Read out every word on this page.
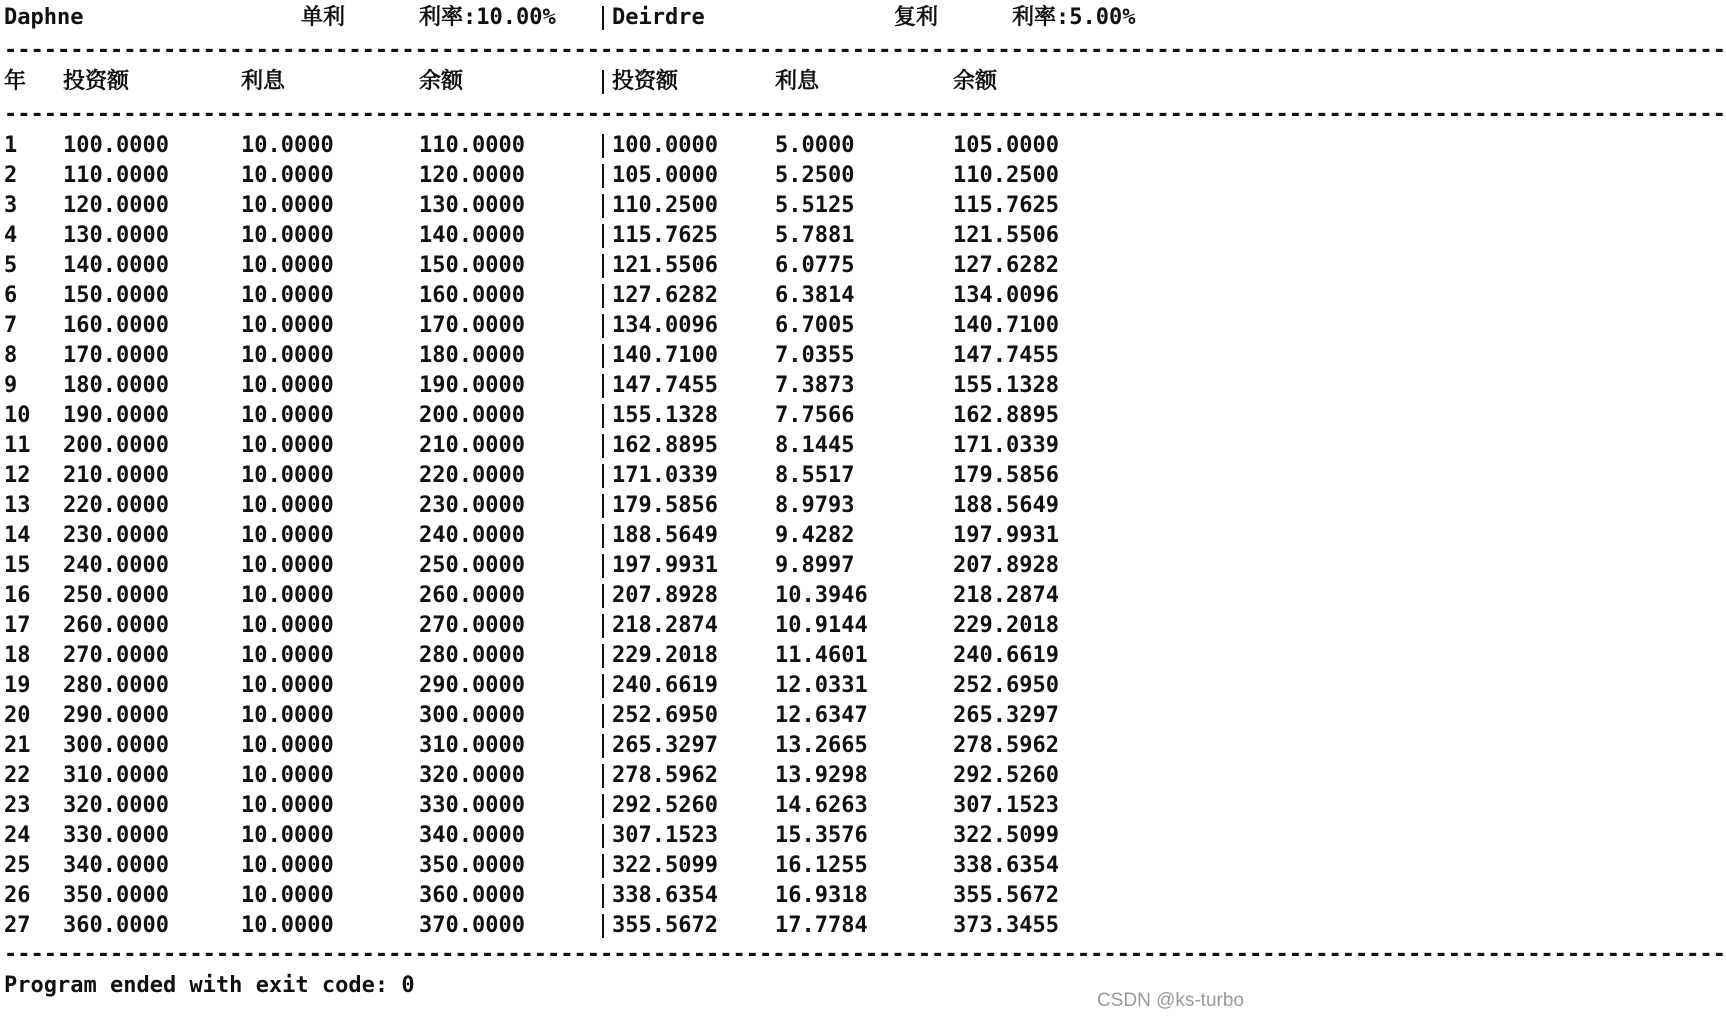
Daphne	单利	利率:10.00%	Deirdre	复利	利率:5.00%
----------------------------------------------------------------------------------------------------------------------------------
年 投资额	利息	余额	投资额	利息	余额
----------------------------------------------------------------------------------------------------------------------------------
1 100.0000	10.0000	110.0000	100.0000	5.0000	105.0000
2 110.0000	10.0000	120.0000	105.0000	5.2500	110.2500
3 120.0000	10.0000	130.0000	110.2500	5.5125	115.7625
4 130.0000	10.0000	140.0000	115.7625	5.7881	121.5506
5 140.0000	10.0000	150.0000	121.5506	6.0775	127.6282
6 150.0000	10.0000	160.0000	127.6282	6.3814	134.0096
7 160.0000	10.0000	170.0000	134.0096	6.7005	140.7100
8 170.0000	10.0000	180.0000	140.7100	7.0355	147.7455
9 180.0000	10.0000	190.0000	147.7455	7.3873	155.1328
10 190.0000	10.0000	200.0000	155.1328	7.7566	162.8895
11 200.0000	10.0000	210.0000	162.8895	8.1445	171.0339
12 210.0000	10.0000	220.0000	171.0339	8.5517	179.5856
13 220.0000	10.0000	230.0000	179.5856	8.9793	188.5649
14 230.0000	10.0000	240.0000	188.5649	9.4282	197.9931
15 240.0000	10.0000	250.0000	197.9931	9.8997	207.8928
16 250.0000	10.0000	260.0000	207.8928	10.3946	218.2874
17 260.0000	10.0000	270.0000	218.2874	10.9144	229.2018
18 270.0000	10.0000	280.0000	229.2018	11.4601	240.6619
19 280.0000	10.0000	290.0000	240.6619	12.0331	252.6950
20 290.0000	10.0000	300.0000	252.6950	12.6347	265.3297
21 300.0000	10.0000	310.0000	265.3297	13.2665	278.5962
22 310.0000	10.0000	320.0000	278.5962	13.9298	292.5260
23 320.0000	10.0000	330.0000	292.5260	14.6263	307.1523
24 330.0000	10.0000	340.0000	307.1523	15.3576	322.5099
25 340.0000	10.0000	350.0000	322.5099	16.1255	338.6354
26 350.0000	10.0000	360.0000	338.6354	16.9318	355.5672
27 360.0000	10.0000	370.0000	355.5672	17.7784	373.3455
----------------------------------------------------------------------------------------------------------------------------------
Program ended with exit code: 0
CSDN @ks-turbo
